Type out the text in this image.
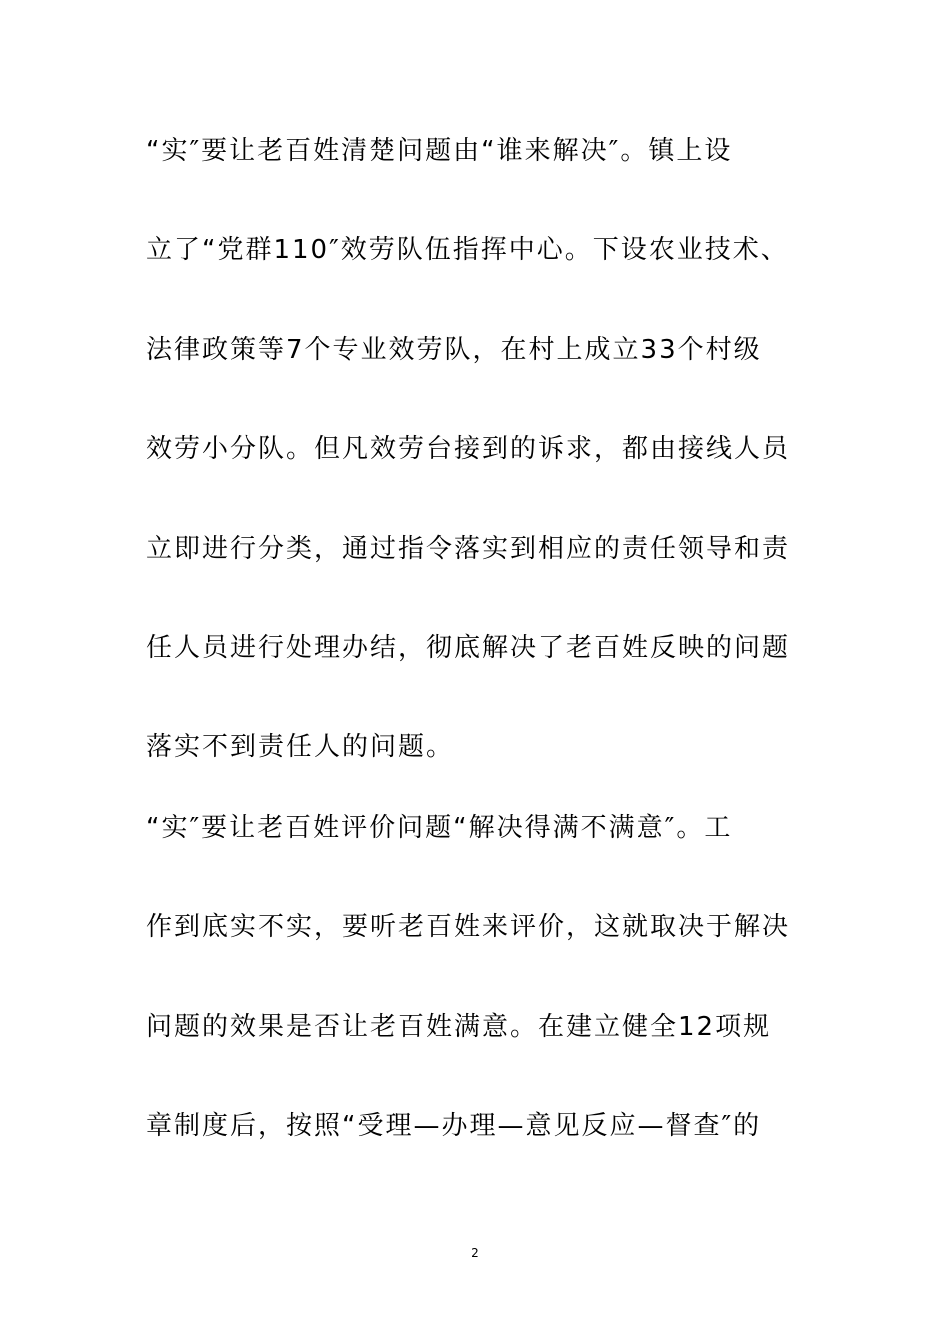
“实″要让老百姓清楚问题由“谁来解决″。镇上设
立了“党群110″效劳队伍指挥中心。下设农业技术、
法律政策等7个专业效劳队，在村上成立33个村级
效劳小分队。但凡效劳台接到的诉求，都由接线人员
立即进行分类，通过指令落实到相应的责任领导和责
任人员进行处理办结，彻底解决了老百姓反映的问题
落实不到责任人的问题。
“实″要让老百姓评价问题“解决得满不满意″。工
作到底实不实，要听老百姓来评价，这就取决于解决
问题的效果是否让老百姓满意。在建立健全12项规
章制度后，按照“受理—办理—意见反应—督查″的
2
